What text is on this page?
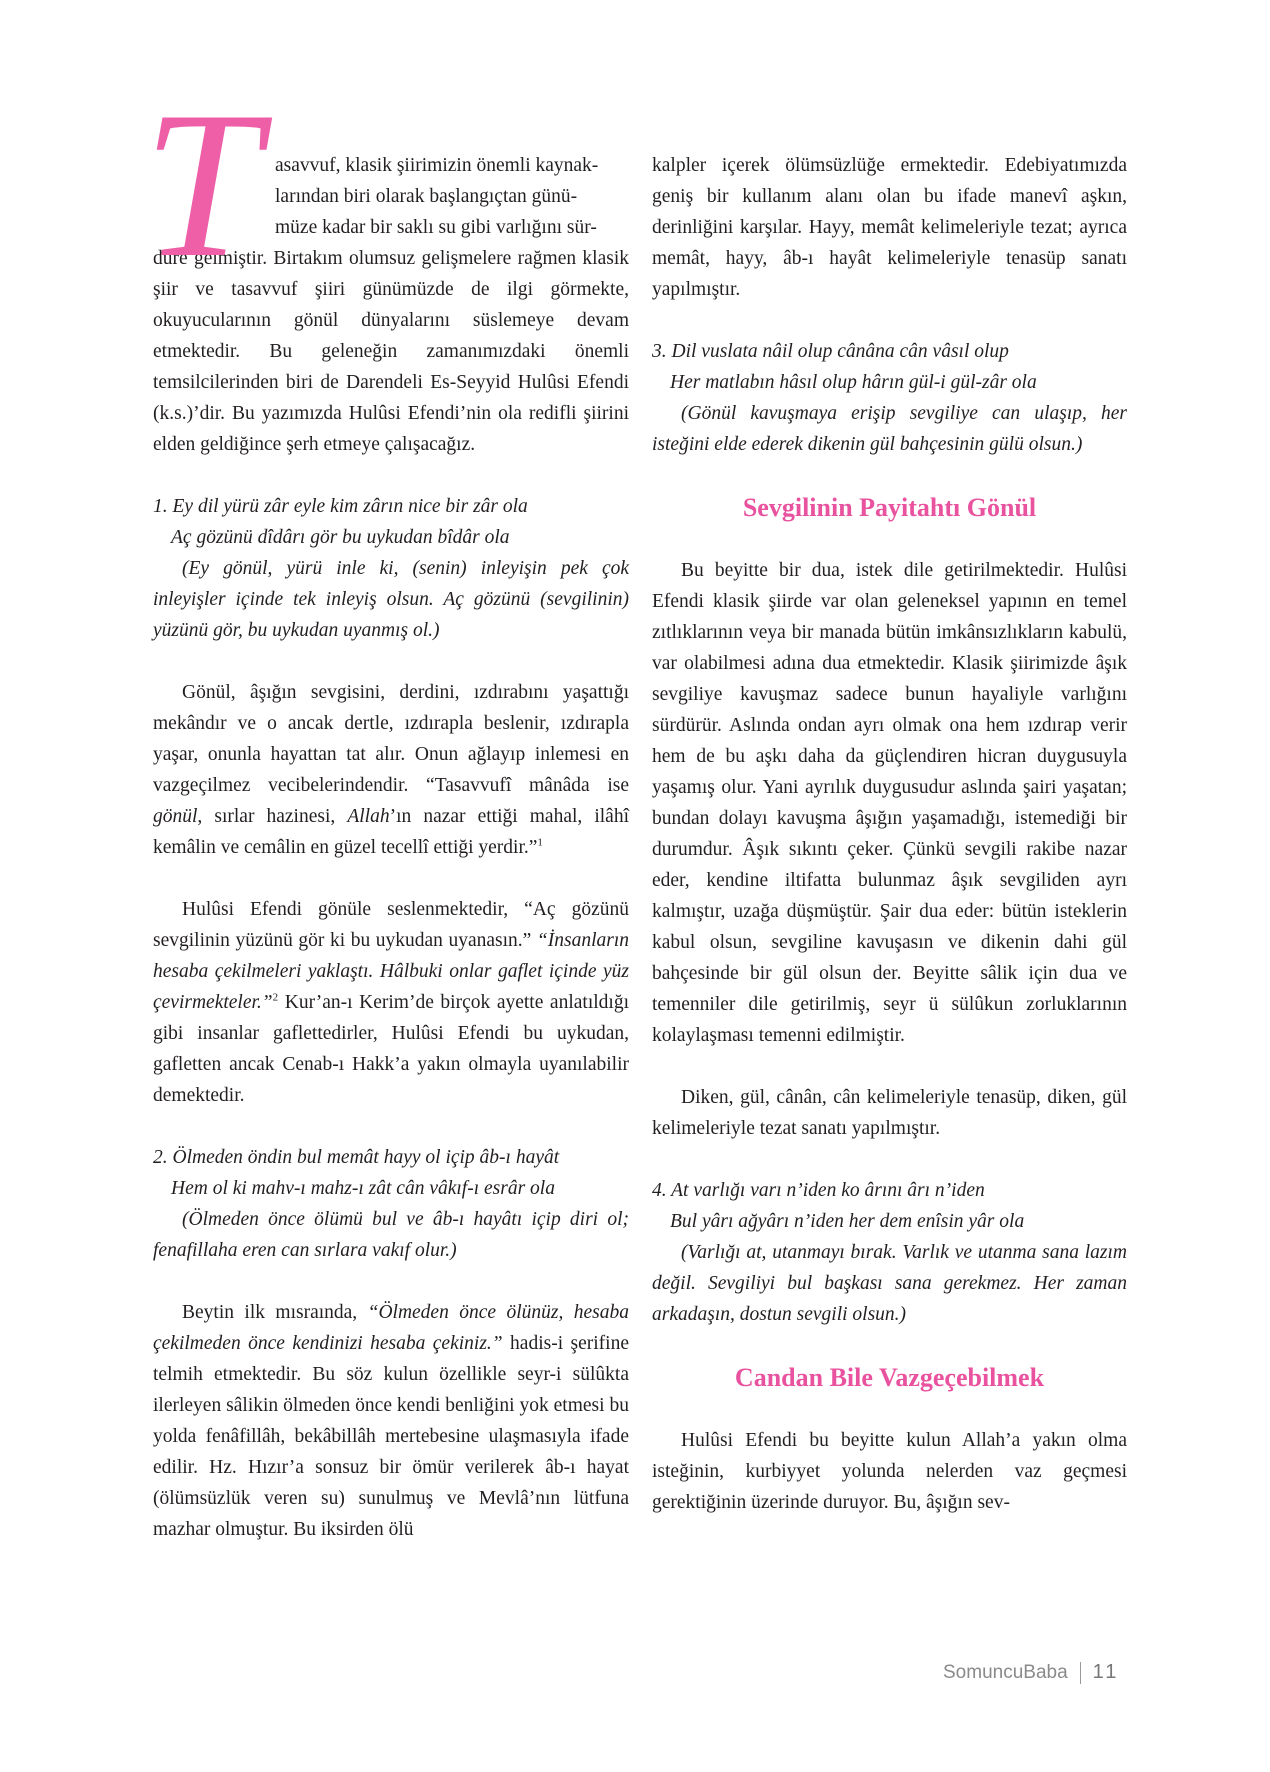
T asavvuf, klasik şiirimizin önemli kaynak-

larından biri olarak başlangıçtan günü-

müze kadar bir saklı su gibi varlığını sür-

düre gelmiştir. Birtakım olumsuz gelişmelere rağmen klasik şiir ve tasavvuf şiiri günümüzde de ilgi görmekte, okuyucularının gönül dünyalarını süslemeye devam etmektedir. Bu geleneğin zamanımızdaki önemli temsilcilerinden biri de Darendeli Es-Seyyid Hulûsi Efendi (k.s.)’dir. Bu yazımızda Hulûsi Efendi’nin ola redifli şiirini elden geldiğince şerh etmeye çalışacağız.

1. Ey dil yürü zâr eyle kim zârın nice bir zâr ola
Aç gözünü dîdârı gör bu uykudan bîdâr ola

(Ey gönül, yürü inle ki, (senin) inleyişin pek çok inleyişler içinde tek inleyiş olsun. Aç gözünü (sevgilinin) yüzünü gör, bu uykudan uyanmış ol.)

Gönül, âşığın sevgisini, derdini, ızdırabını yaşattığı mekândır ve o ancak dertle, ızdırapla beslenir, ızdırapla yaşar, onunla hayattan tat alır. Onun ağlayıp inlemesi en vazgeçilmez vecibelerindendir. “Tasavvufî mânâda ise gönül, sırlar hazinesi, Allah’ın nazar ettiği mahal, ilâhî kemâlin ve cemâlin en güzel tecellî ettiği yerdir.”$^1$

Hulûsi Efendi gönüle seslenmektedir, “Aç gözünü sevgilinin yüzünü gör ki bu uykudan uyanasın.” “İnsanların hesaba çekilmeleri yaklaştı. Hâlbuki onlar gaflet içinde yüz çevirmekteler.”$^2$ Kur’an-ı Kerim’de birçok ayette anlatıldığı gibi insanlar gaflettedirler, Hulûsi Efendi bu uykudan, gafletten ancak Cenab-ı Hakk’a yakın olmayla uyanılabilir demektedir.

2. Ölmeden öndin bul memât hayy ol içip âb-ı hayât
Hem ol ki mahv-ı mahz-ı zât cân vâkıf-ı esrâr ola

(Ölmeden önce ölümü bul ve âb-ı hayâtı içip diri ol; fenafillaha eren can sırlara vakıf olur.)

Beytin ilk mısraında, “Ölmeden önce ölünüz, hesaba çekilmeden önce kendinizi hesaba çekiniz.” hadis-i şerifine telmih etmektedir. Bu söz kulun özellikle seyr-i sülûkta ilerleyen sâlikin ölmeden önce kendi benliğini yok etmesi bu yolda fenâfillâh, bekâbillâh mertebesine ulaşmasıyla ifade edilir. Hz. Hızır’a sonsuz bir ömür verilerek âb-ı hayat (ölümsüzlük veren su) sunulmuş ve Mevlâ’nın lütfuna mazhar olmuştur. Bu iksirden ölü

kalpler içerek ölümsüzlüğe ermektedir. Edebiyatımızda geniş bir kullanım alanı olan bu ifade manevî aşkın, derinliğini karşılar. Hayy, memât kelimeleriyle tezat; ayrıca memât, hayy, âb-ı hayât kelimeleriyle tenasüp sanatı yapılmıştır.

3. Dil vuslata nâil olup cânâna cân vâsıl olup
Her matlabın hâsıl olup hârın gül-i gül-zâr ola

(Gönül kavuşmaya erişip sevgiliye can ulaşıp, her isteğini elde ederek dikenin gül bahçesinin gülü olsun.)

Sevgilinin Payitahtı Gönül

Bu beyitte bir dua, istek dile getirilmektedir. Hulûsi Efendi klasik şiirde var olan geleneksel yapının en temel zıtlıklarının veya bir manada bütün imkânsızlıkların kabulü, var olabilmesi adına dua etmektedir. Klasik şiirimizde âşık sevgiliye kavuşmaz sadece bunun hayaliyle varlığını sürdürür. Aslında ondan ayrı olmak ona hem ızdırap verir hem de bu aşkı daha da güçlendiren hicran duygusuyla yaşamış olur. Yani ayrılık duygusudur aslında şairi yaşatan; bundan dolayı kavuşma âşığın yaşamadığı, istemediği bir durumdur. Âşık sıkıntı çeker. Çünkü sevgili rakibe nazar eder, kendine iltifatta bulunmaz âşık sevgiliden ayrı kalmıştır, uzağa düşmüştür. Şair dua eder: bütün isteklerin kabul olsun, sevgiline kavuşasın ve dikenin dahi gül bahçesinde bir gül olsun der. Beyitte sâlik için dua ve temenniler dile getirilmiş, seyr ü sülûkun zorluklarının kolaylaşması temenni edilmiştir.

Diken, gül, cânân, cân kelimeleriyle tenasüp, diken, gül kelimeleriyle tezat sanatı yapılmıştır.

4. At varlığı varı n’iden ko ârını ârı n’iden
Bul yârı ağyârı n’iden her dem enîsin yâr ola

(Varlığı at, utanmayı bırak. Varlık ve utanma sana lazım değil. Sevgiliyi bul başkası sana gerekmez. Her zaman arkadaşın, dostun sevgili olsun.)

Candan Bile Vazgeçebilmek

Hulûsi Efendi bu beyitte kulun Allah’a yakın olma isteğinin, kurbiyyet yolunda nelerden vaz geçmesi gerektiğinin üzerinde duruyor. Bu, âşığın sev-

SomuncuBaba 11
